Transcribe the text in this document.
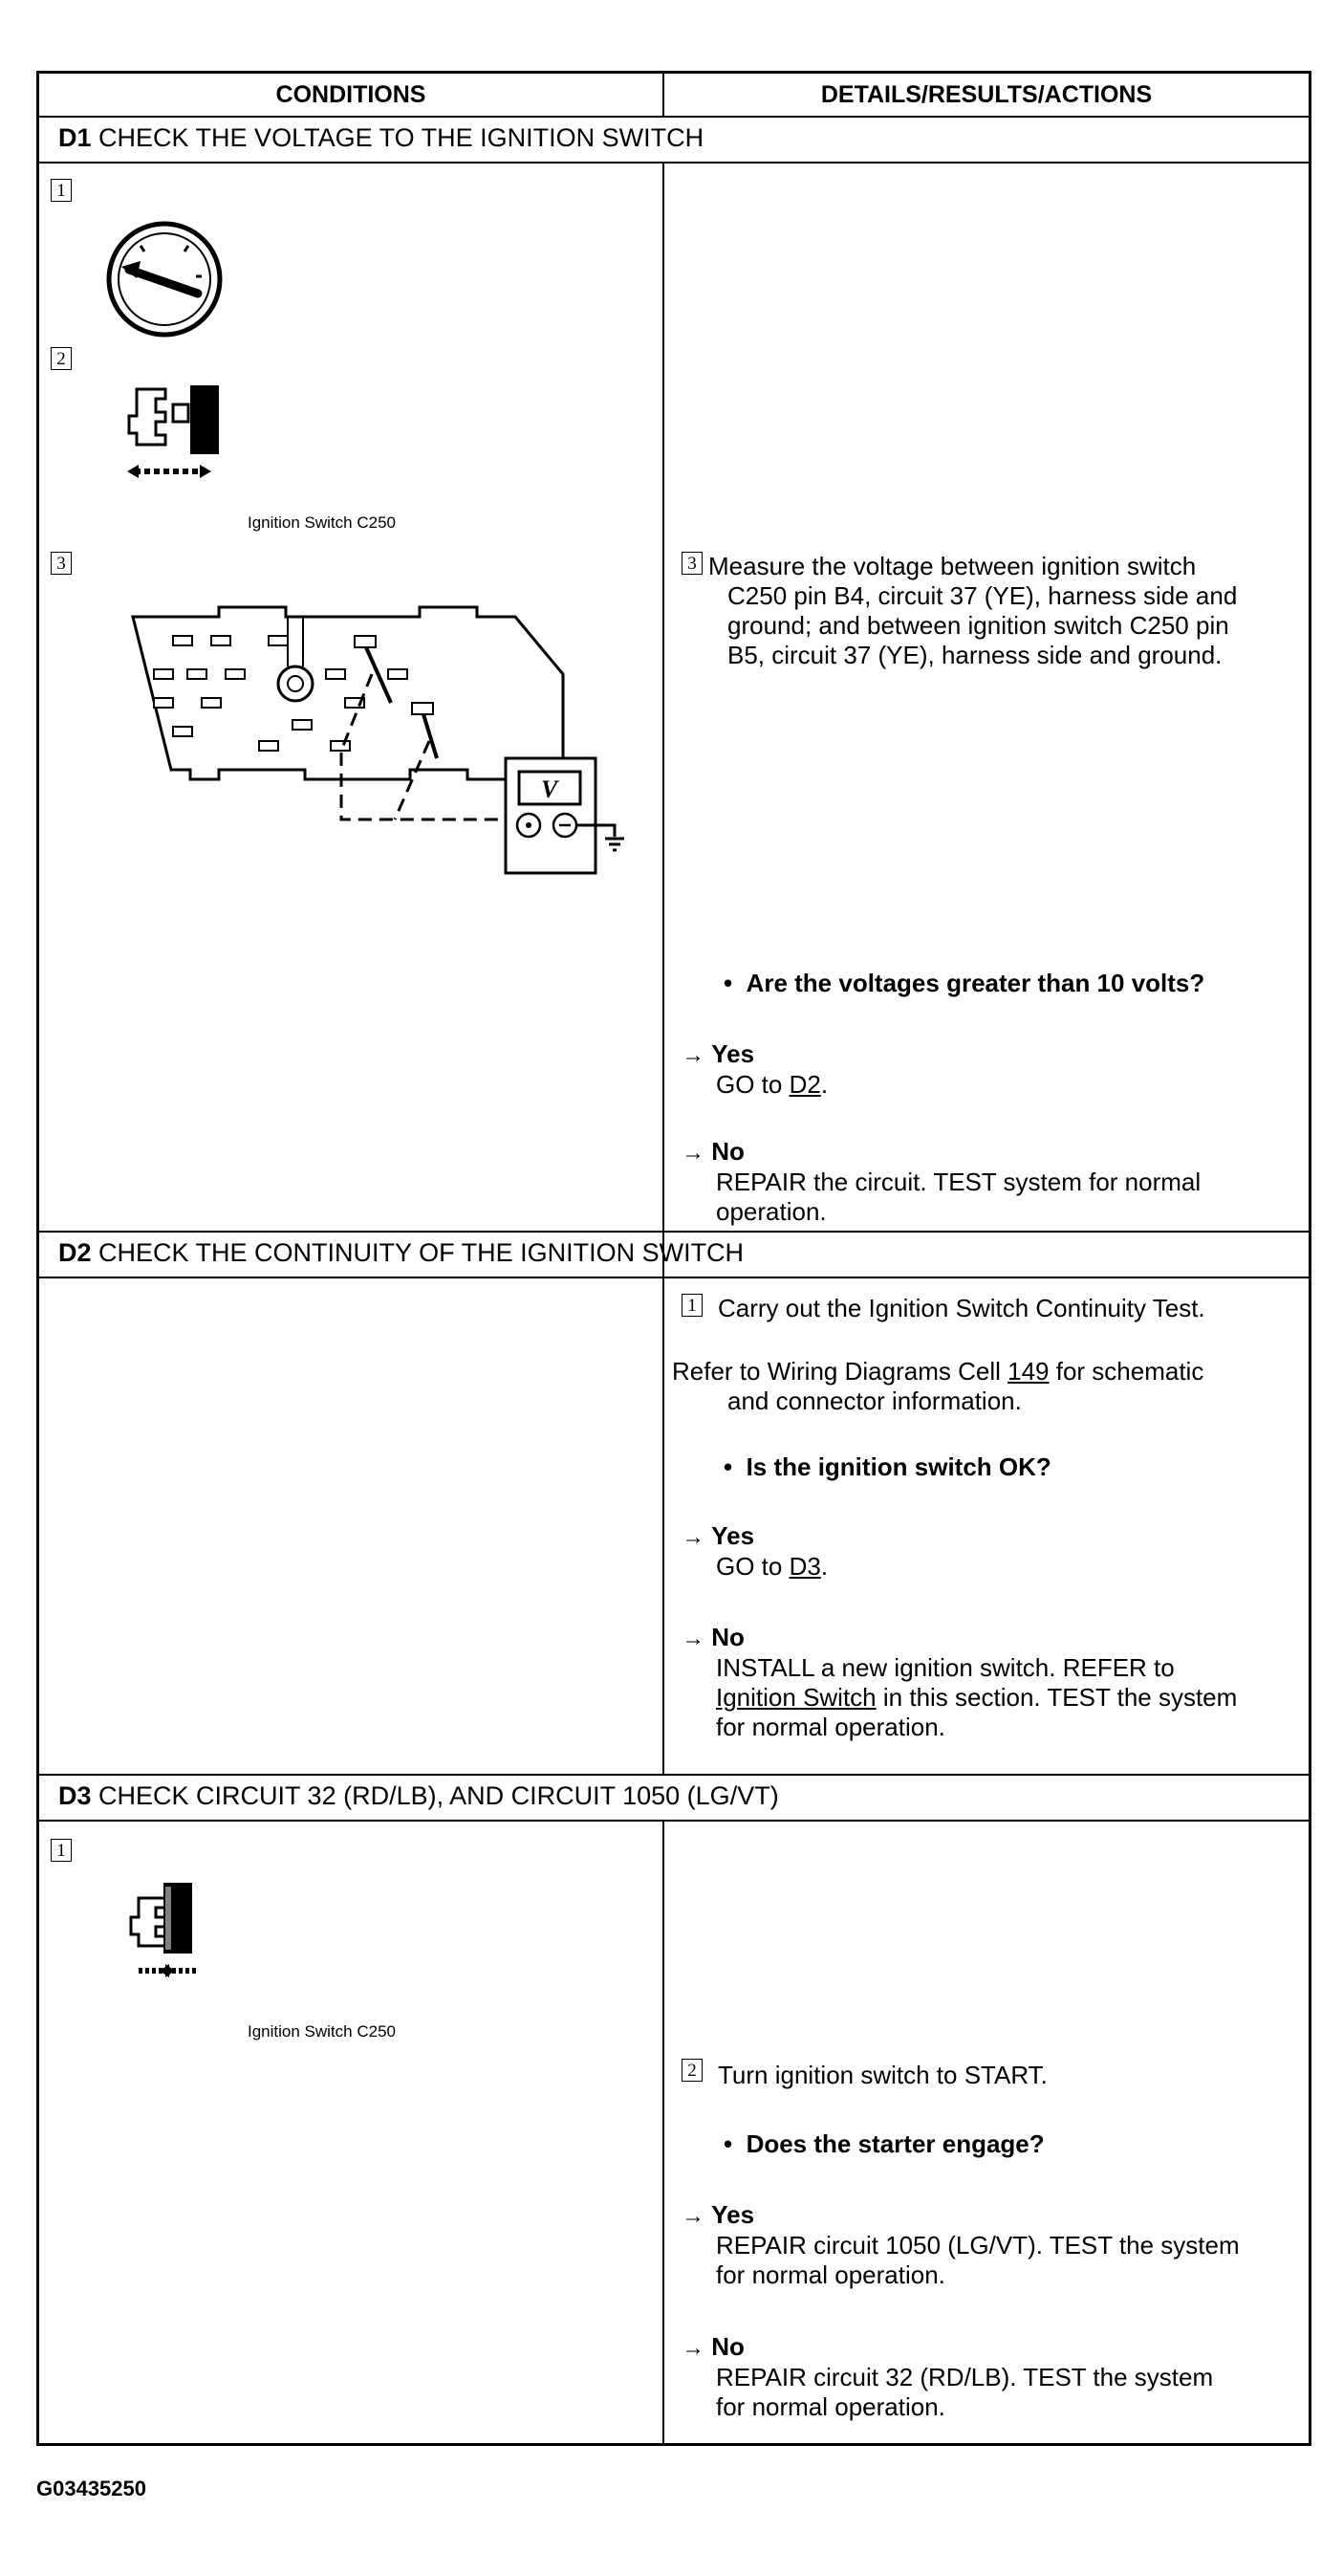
CONDITIONS	DETAILS/RESULTS/ACTIONS
D1 CHECK THE VOLTAGE TO THE IGNITION SWITCH
1
2
Ignition Switch C250
3
V
3 Measure the voltage between ignition switch
C250 pin B4, circuit 37 (YE), harness side and
ground; and between ignition switch C250 pin
B5, circuit 37 (YE), harness side and ground.
• Are the voltages greater than 10 volts?
→ Yes
GO to D2.
→ No
REPAIR the circuit. TEST system for normal
operation.
D2 CHECK THE CONTINUITY OF THE IGNITION SWITCH
1 Carry out the Ignition Switch Continuity Test.
Refer to Wiring Diagrams Cell 149 for schematic
and connector information.
• Is the ignition switch OK?
→ Yes
GO to D3.
→ No
INSTALL a new ignition switch. REFER to
Ignition Switch in this section. TEST the system
for normal operation.
D3 CHECK CIRCUIT 32 (RD/LB), AND CIRCUIT 1050 (LG/VT)
1
Ignition Switch C250
2 Turn ignition switch to START.
• Does the starter engage?
→ Yes
REPAIR circuit 1050 (LG/VT). TEST the system
for normal operation.
→ No
REPAIR circuit 32 (RD/LB). TEST the system
for normal operation.
G03435250
